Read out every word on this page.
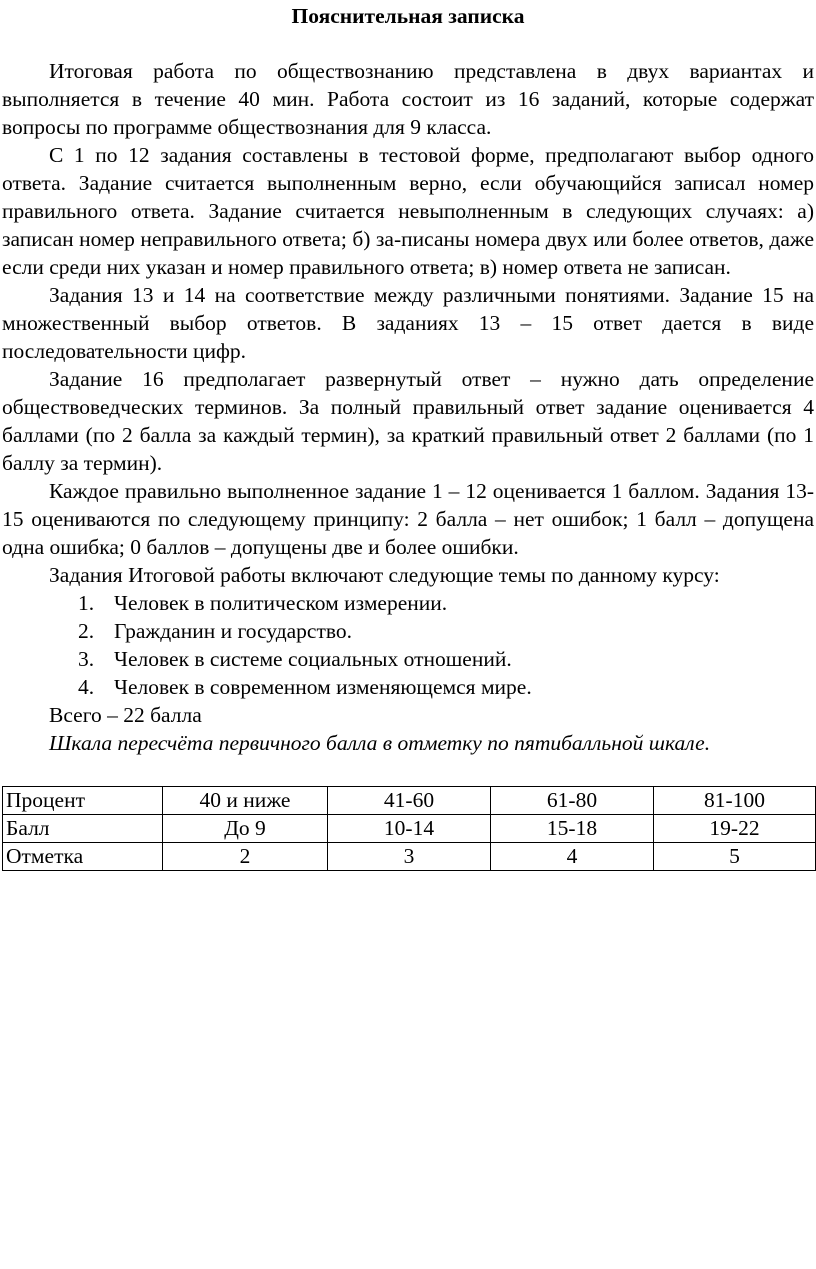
Пояснительная записка

Итоговая работа по обществознанию представлена в двух вариантах и выполняется в течение 40 мин. Работа состоит из 16 заданий, которые содержат вопросы по программе обществознания для 9 класса.

С 1 по 12 задания составлены в тестовой форме, предполагают выбор одного ответа. Задание считается выполненным верно, если обучающийся записал номер правильного ответа. Задание считается невыполненным в следующих случаях: а) записан номер неправильного ответа; б) за-писаны номера двух или более ответов, даже если среди них указан и номер правильного ответа; в) номер ответа не записан.

Задания 13 и 14 на соответствие между различными понятиями. Задание 15 на множественный выбор ответов. В заданиях 13 – 15 ответ дается в виде последовательности цифр.

Задание 16 предполагает развернутый ответ – нужно дать определение обществоведческих терминов. За полный правильный ответ задание оценивается 4 баллами (по 2 балла за каждый термин), за краткий правильный ответ 2 баллами (по 1 баллу за термин).

Каждое правильно выполненное задание 1 – 12 оценивается 1 баллом. Задания 13-15 оцениваются по следующему принципу: 2 балла – нет ошибок; 1 балл – допущена одна ошибка; 0 баллов – допущены две и более ошибки.

Задания Итоговой работы включают следующие темы по данному курсу:

1. Человек в политическом измерении.
2. Гражданин и государство.
3. Человек в системе социальных отношений.
4. Человек в современном изменяющемся мире.

Всего – 22 балла

Шкала пересчёта первичного балла в отметку по пятибалльной шкале.

Процент	40 и ниже	41-60	61-80	81-100
Балл	До 9	10-14	15-18	19-22
Отметка	2	3	4	5
